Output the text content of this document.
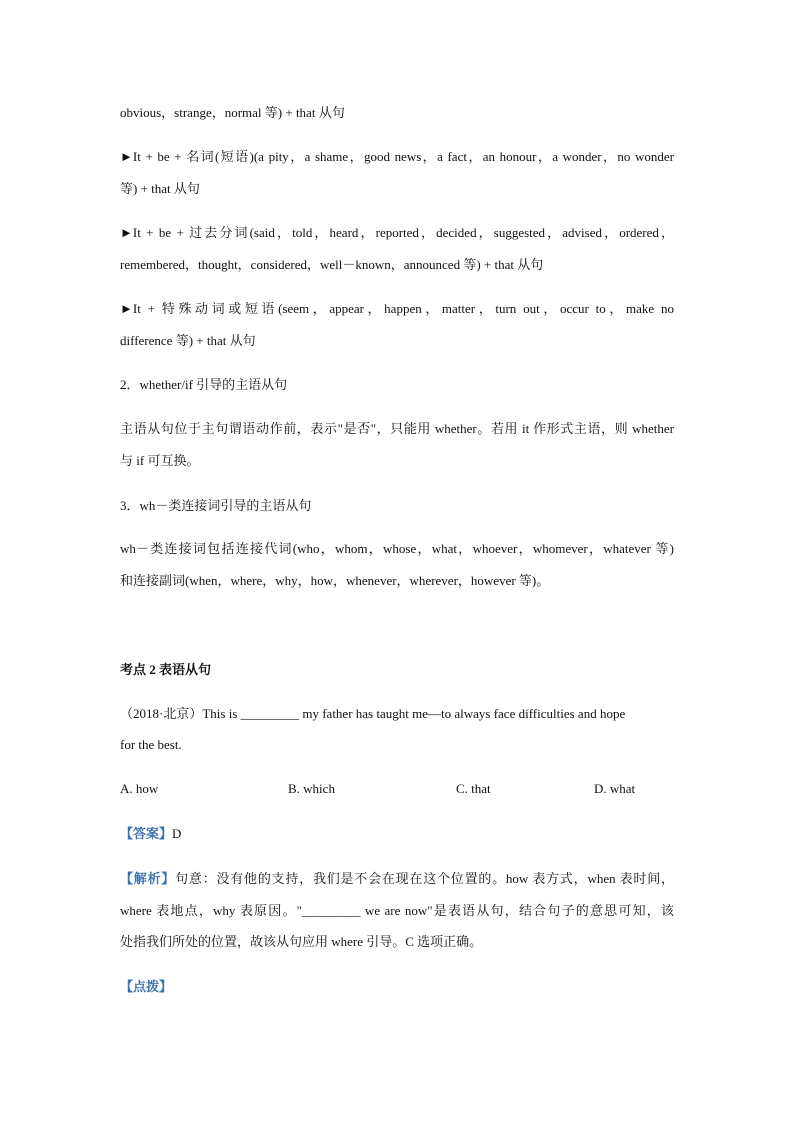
obvious，strange，normal 等) + that 从句
►It + be + 名词(短语)(a pity，a shame，good news，a fact，an honour，a wonder，no wonder
等) + that 从句
►It + be + 过去分词(said，told，heard，reported，decided，suggested，advised，ordered，
remembered，thought，considered，well－known，announced 等) + that 从句
►It + 特殊动词或短语(seem，appear，happen，matter，turn out，occur to，make no
difference 等) + that 从句
2．whether/if 引导的主语从句
主语从句位于主句谓语动作前，表示"是否"，只能用 whether。若用 it 作形式主语，则 whether
与 if 可互换。
3．wh－类连接词引导的主语从句
wh－类连接词包括连接代词(who，whom，whose，what，whoever，whomever，whatever 等)
和连接副词(when，where，why，how，whenever，wherever，however 等)。
考点 2 表语从句
（2018·北京）This is _________ my father has taught me—to always face difficulties and hope
for the best.
A. how	B. which	C. that	D. what
【答案】D
【解析】句意：没有他的支持，我们是不会在现在这个位置的。how 表方式，when 表时间，
where 表地点，why 表原因。"_________ we are now"是表语从句，结合句子的意思可知，该
处指我们所处的位置，故该从句应用 where 引导。C 选项正确。
【点拨】
